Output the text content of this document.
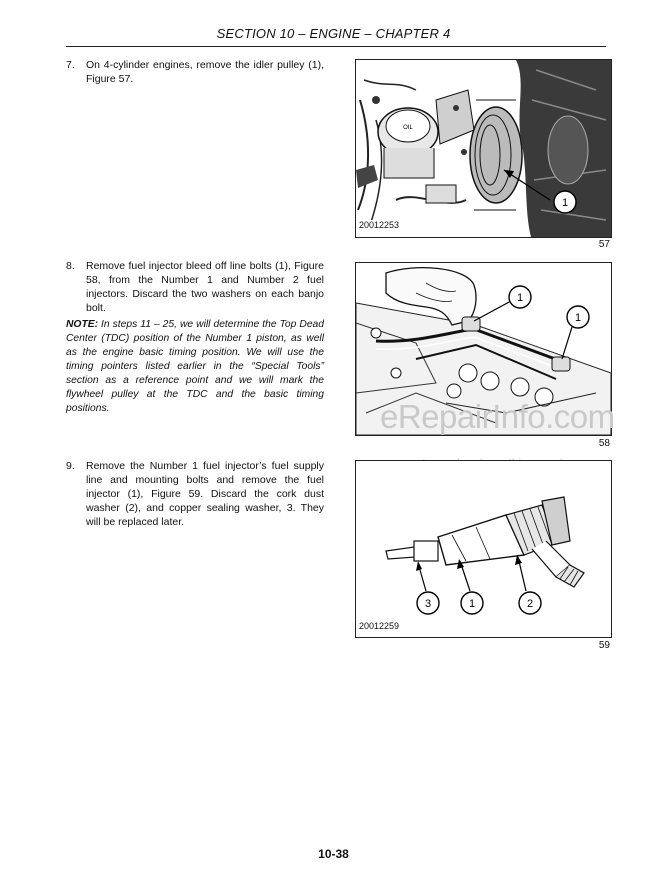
SECTION 10 – ENGINE – CHAPTER 4
7. On 4-cylinder engines, remove the idler pulley (1), Figure 57.
OIL
1
20012253
57
8. Remove fuel injector bleed off line bolts (1), Figure 58, from the Number 1 and Number 2 fuel injectors. Discard the two washers on each banjo bolt.
NOTE: In steps 11 – 25, we will determine the Top Dead Center (TDC) position of the Number 1 piston, as well as the engine basic timing position. We will use the timing pointers listed earlier in the “Special Tools” section as a reference point and we will mark the flywheel pulley at the TDC and the basic timing positions.
1
1
58
eRepairInfo.com
9. Remove the Number 1 fuel injector’s fuel supply line and mounting bolts and remove the fuel injector (1), Figure 59. Discard the cork dust washer (2), and copper sealing washer, 3. They will be replaced later.
3	1	2
20012259
59
10-38
